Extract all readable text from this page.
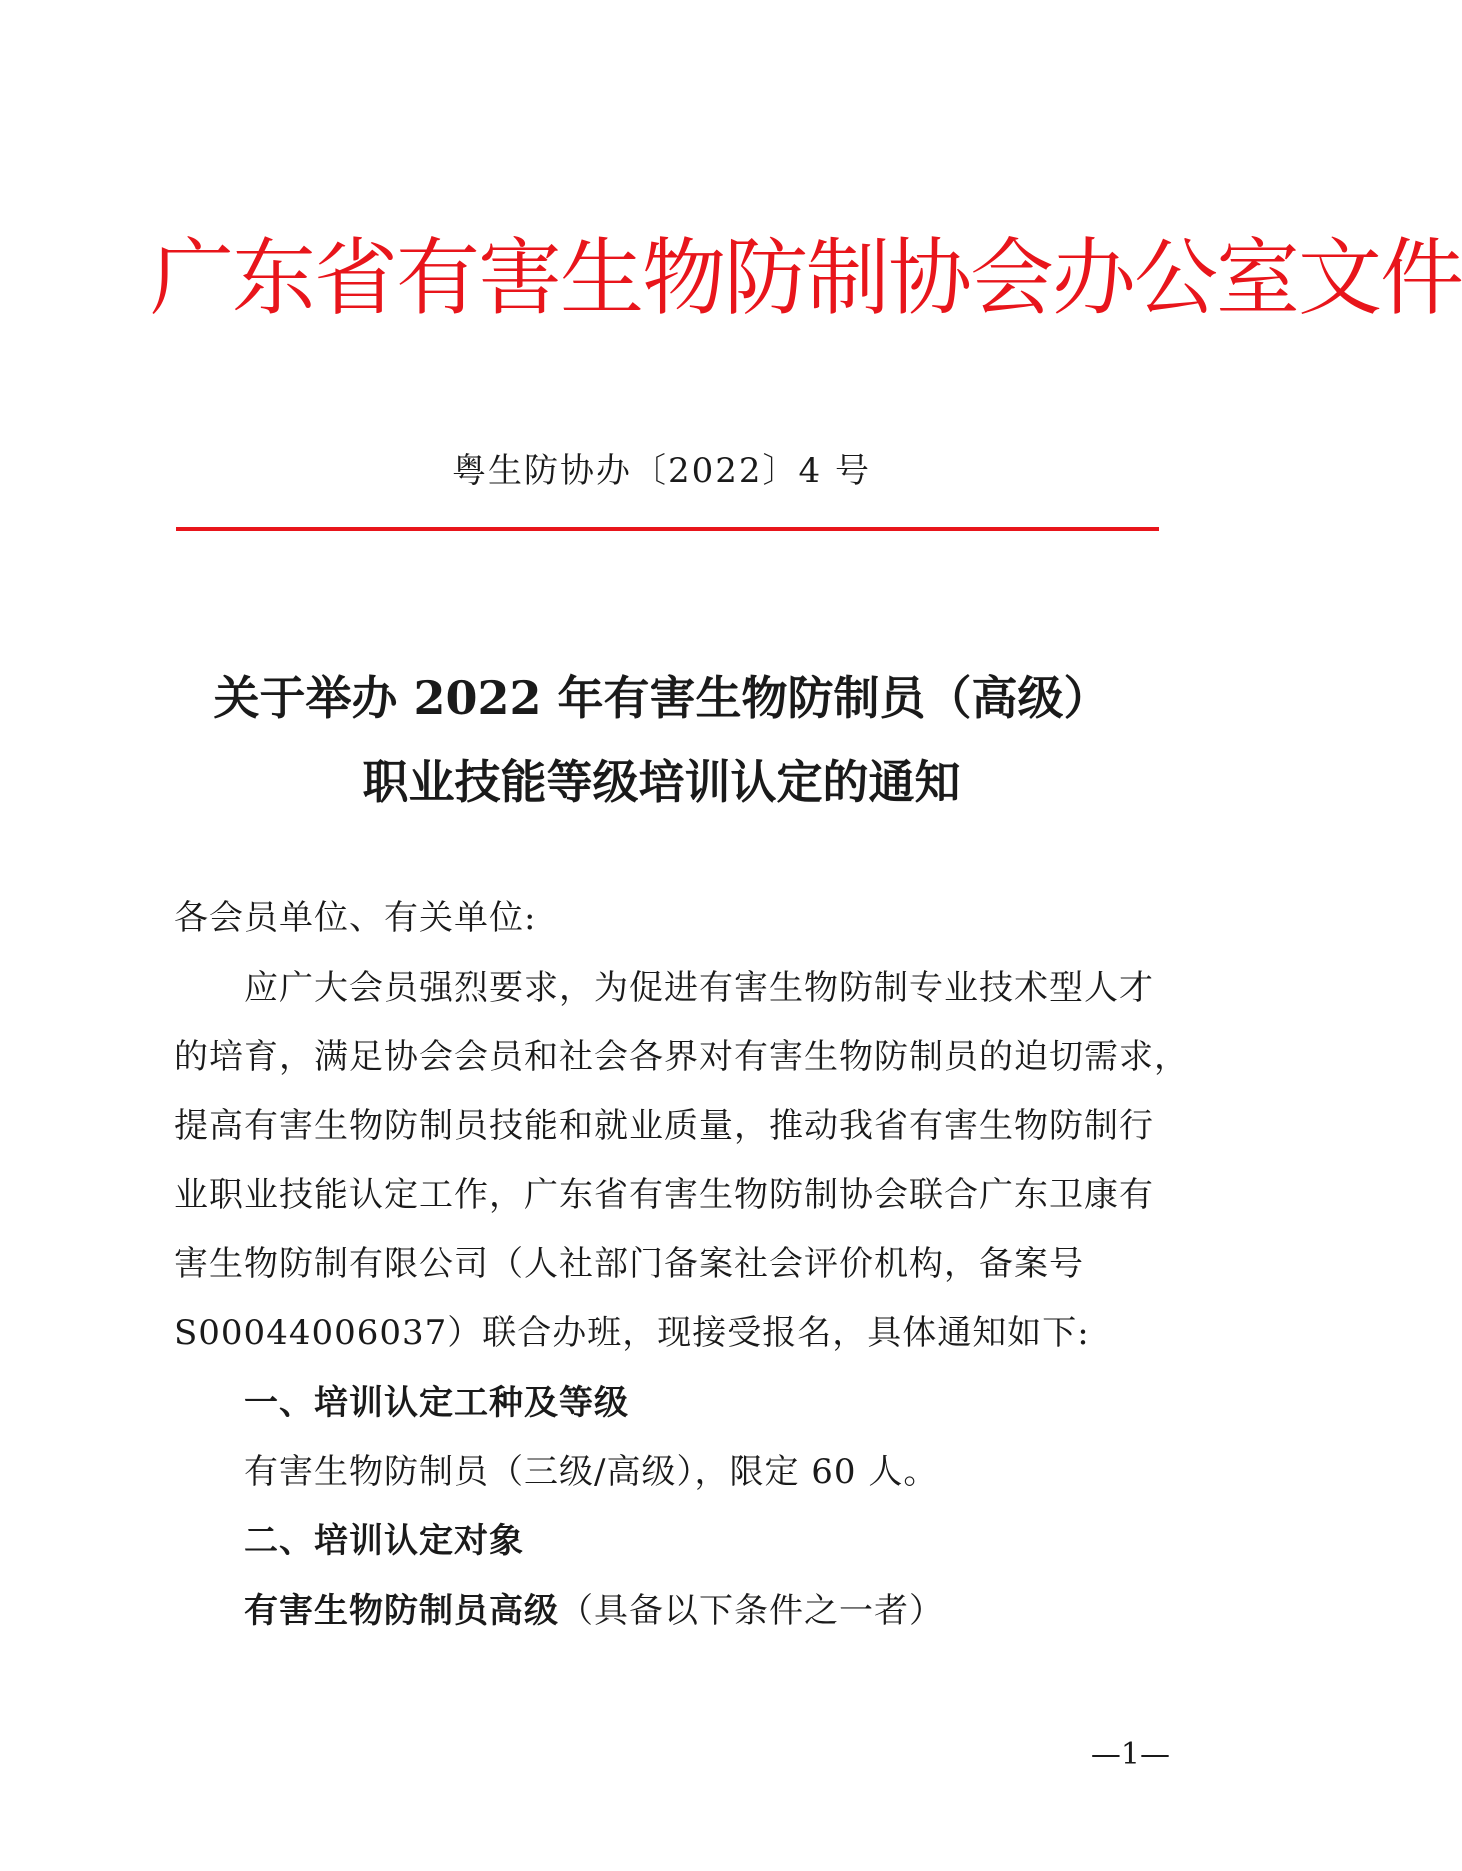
广东省有害生物防制协会办公室文件
粤生防协办〔2022〕4 号
关于举办 2022 年有害生物防制员（高级）
职业技能等级培训认定的通知
各会员单位、有关单位:
应广大会员强烈要求，为促进有害生物防制专业技术型人才
的培育，满足协会会员和社会各界对有害生物防制员的迫切需求，
提高有害生物防制员技能和就业质量，推动我省有害生物防制行
业职业技能认定工作，广东省有害生物防制协会联合广东卫康有
害生物防制有限公司（人社部门备案社会评价机构，备案号
S00044006037）联合办班，现接受报名，具体通知如下:
一、培训认定工种及等级
有害生物防制员（三级/高级），限定 60 人。
二、培训认定对象
有害生物防制员高级（具备以下条件之一者）
—1—
